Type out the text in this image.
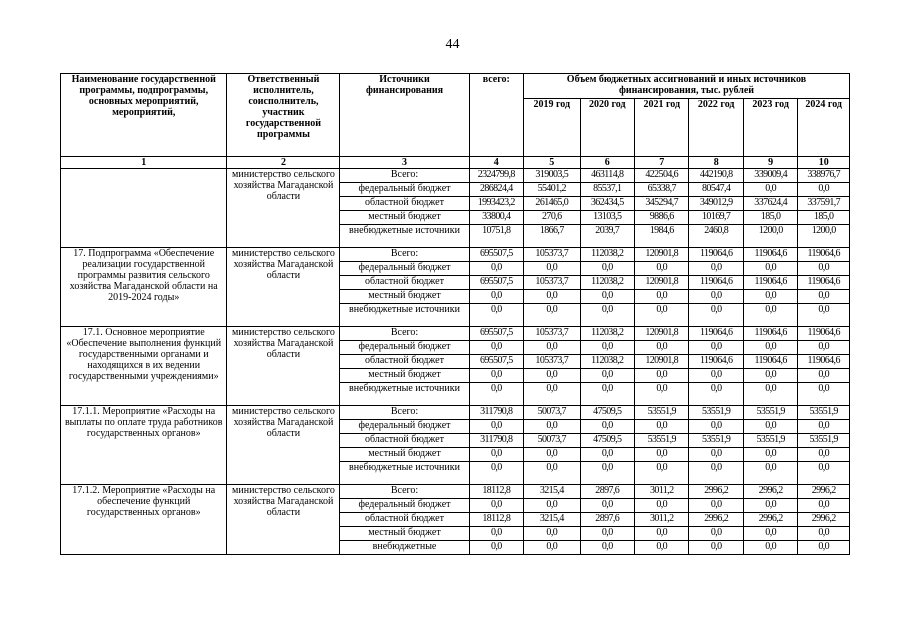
44
Наименование государственной программы, подпрограммы, основных мероприятий, мероприятий,	Ответственный исполнитель, соисполнитель, участник государственной программы	Источники финансирования	всего:	Объем бюджетных ассигнований и иных источников финансирования, тыс. рублей					
				2019 год	2020 год	2021 год	2022 год	2023 год	2024 год
1	2	3	4	5	6	7	8	9	10
	министерство сельского хозяйства Магаданской области	Всего:	2324799,8	319003,5	463114,8	422504,6	442190,8	339009,4	338976,7
		федеральный бюджет	286824,4	55401,2	85537,1	65338,7	80547,4	0,0	0,0
		областной бюджет	1993423,2	261465,0	362434,5	345294,7	349012,9	337624,4	337591,7
		местный бюджет	33800,4	270,6	13103,5	9886,6	10169,7	185,0	185,0
		внебюджетные источники	10751,8	1866,7	2039,7	1984,6	2460,8	1200,0	1200,0
17. Подпрограмма «Обеспечение реализации государственной программы развития сельского хозяйства Магаданской области на 2019-2024 годы»	министерство сельского хозяйства Магаданской области	Всего:	695507,5	105373,7	112038,2	120901,8	119064,6	119064,6	119064,6
		федеральный бюджет	0,0	0,0	0,0	0,0	0,0	0,0	0,0
		областной бюджет	695507,5	105373,7	112038,2	120901,8	119064,6	119064,6	119064,6
		местный бюджет	0,0	0,0	0,0	0,0	0,0	0,0	0,0
		внебюджетные источники	0,0	0,0	0,0	0,0	0,0	0,0	0,0
17.1. Основное мероприятие «Обеспечение выполнения функций государственными органами и находящихся в их ведении государственными учреждениями»	министерство сельского хозяйства Магаданской области	Всего:	695507,5	105373,7	112038,2	120901,8	119064,6	119064,6	119064,6
		федеральный бюджет	0,0	0,0	0,0	0,0	0,0	0,0	0,0
		областной бюджет	695507,5	105373,7	112038,2	120901,8	119064,6	119064,6	119064,6
		местный бюджет	0,0	0,0	0,0	0,0	0,0	0,0	0,0
		внебюджетные источники	0,0	0,0	0,0	0,0	0,0	0,0	0,0
17.1.1. Мероприятие «Расходы на выплаты по оплате труда работников государственных органов»	министерство сельского хозяйства Магаданской области	Всего:	311790,8	50073,7	47509,5	53551,9	53551,9	53551,9	53551,9
		федеральный бюджет	0,0	0,0	0,0	0,0	0,0	0,0	0,0
		областной бюджет	311790,8	50073,7	47509,5	53551,9	53551,9	53551,9	53551,9
		местный бюджет	0,0	0,0	0,0	0,0	0,0	0,0	0,0
		внебюджетные источники	0,0	0,0	0,0	0,0	0,0	0,0	0,0
17.1.2. Мероприятие «Расходы на обеспечение функций государственных органов»	министерство сельского хозяйства Магаданской области	Всего:	18112,8	3215,4	2897,6	3011,2	2996,2	2996,2	2996,2
		федеральный бюджет	0,0	0,0	0,0	0,0	0,0	0,0	0,0
		областной бюджет	18112,8	3215,4	2897,6	3011,2	2996,2	2996,2	2996,2
		местный бюджет	0,0	0,0	0,0	0,0	0,0	0,0	0,0
		внебюджетные	0,0	0,0	0,0	0,0	0,0	0,0	0,0
